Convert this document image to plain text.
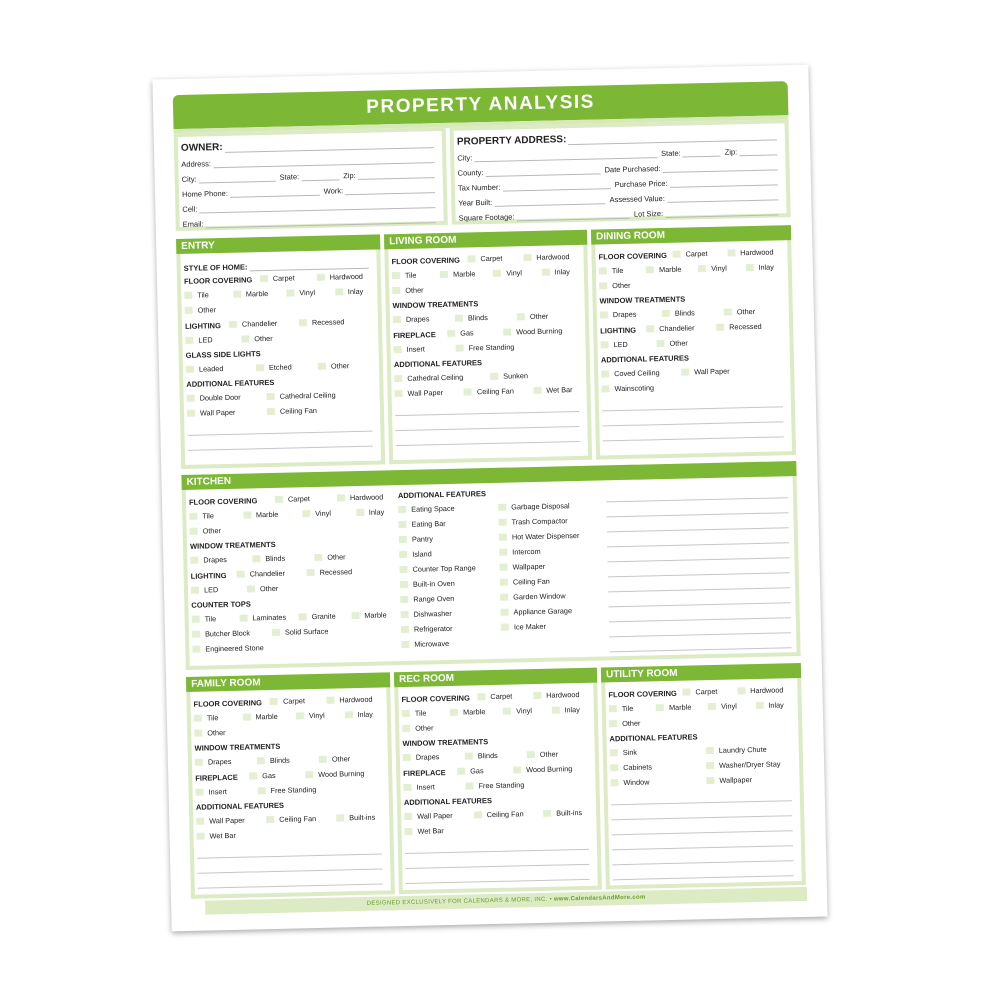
PROPERTY ANALYSIS
OWNER:
Address:
City:	State:	Zip:
Home Phone:	Work:
Cell:
Email:
PROPERTY ADDRESS:
City:	State:	Zip:
County:	Date Purchased:
Tax Number:	Purchase Price:
Year Built:	Assessed Value:
Square Footage:	Lot Size:
ENTRY
STYLE OF HOME:
FLOOR COVERING	Carpet	Hardwood
Tile	Marble	Vinyl	Inlay
Other
LIGHTING	Chandelier	Recessed
LED	Other
GLASS SIDE LIGHTS
Leaded	Etched	Other
ADDITIONAL FEATURES
Double Door	Cathedral Ceiling
Wall Paper	Ceiling Fan
LIVING ROOM
FLOOR COVERING	Carpet	Hardwood
Tile	Marble	Vinyl	Inlay
Other
WINDOW TREATMENTS
Drapes	Blinds	Other
FIREPLACE	Gas	Wood Burning
Insert	Free Standing
ADDITIONAL FEATURES
Cathedral Ceiling	Sunken
Wall Paper	Ceiling Fan	Wet Bar
DINING ROOM
FLOOR COVERING	Carpet	Hardwood
Tile	Marble	Vinyl	Inlay
Other
WINDOW TREATMENTS
Drapes	Blinds	Other
LIGHTING	Chandelier	Recessed
LED	Other
ADDITIONAL FEATURES
Coved Ceiling	Wall Paper
Wainscoting
KITCHEN
FLOOR COVERING	Carpet	Hardwood
Tile	Marble	Vinyl	Inlay
Other
WINDOW TREATMENTS
Drapes	Blinds	Other
LIGHTING	Chandelier	Recessed
LED	Other
COUNTER TOPS
Tile	Laminates	Granite	Marble
Butcher Block	Solid Surface
Engineered Stone
ADDITIONAL FEATURES
Eating Space
Eating Bar
Pantry
Island
Counter Top Range
Built-in Oven
Range Oven
Dishwasher
Refrigerator
Microwave
Garbage Disposal
Trash Compactor
Hot Water Dispenser
Intercom
Wallpaper
Ceiling Fan
Garden Window
Appliance Garage
Ice Maker
FAMILY ROOM
FLOOR COVERING	Carpet	Hardwood
Tile	Marble	Vinyl	Inlay
Other
WINDOW TREATMENTS
Drapes	Blinds	Other
FIREPLACE	Gas	Wood Burning
Insert	Free Standing
ADDITIONAL FEATURES
Wall Paper	Ceiling Fan	Built-ins
Wet Bar
REC ROOM
FLOOR COVERING	Carpet	Hardwood
Tile	Marble	Vinyl	Inlay
Other
WINDOW TREATMENTS
Drapes	Blinds	Other
FIREPLACE	Gas	Wood Burning
Insert	Free Standing
ADDITIONAL FEATURES
Wall Paper	Ceiling Fan	Built-ins
Wet Bar
UTILITY ROOM
FLOOR COVERING	Carpet	Hardwood
Tile	Marble	Vinyl	Inlay
Other
ADDITIONAL FEATURES
Sink	Laundry Chute
Cabinets	Washer/Dryer Stay
Window	Wallpaper
DESIGNED EXCLUSIVELY FOR CALENDARS & MORE, INC. • www.CalendarsAndMore.com
